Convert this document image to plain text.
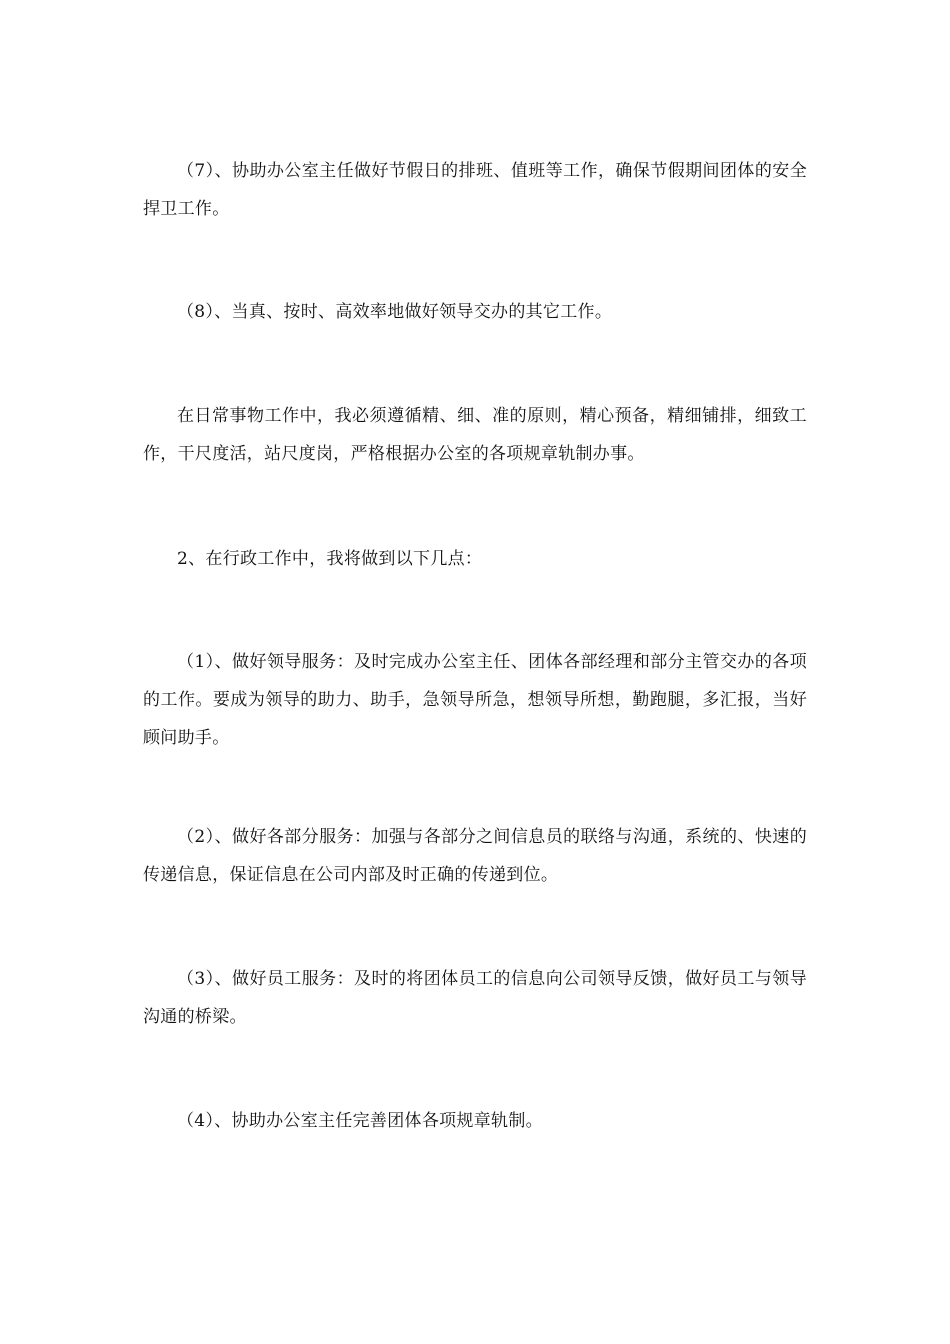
（7）、协助办公室主任做好节假日的排班、值班等工作，确保节假期间团体的安全捍卫工作。

（8）、当真、按时、高效率地做好领导交办的其它工作。

在日常事物工作中，我必须遵循精、细、准的原则，精心预备，精细铺排，细致工作，干尺度活，站尺度岗，严格根据办公室的各项规章轨制办事。

2、在行政工作中，我将做到以下几点：

（1）、做好领导服务：及时完成办公室主任、团体各部经理和部分主管交办的各项的工作。要成为领导的助力、助手，急领导所急，想领导所想，勤跑腿，多汇报，当好顾问助手。

（2）、做好各部分服务：加强与各部分之间信息员的联络与沟通，系统的、快速的传递信息，保证信息在公司内部及时正确的传递到位。

（3）、做好员工服务：及时的将团体员工的信息向公司领导反馈，做好员工与领导沟通的桥梁。

（4）、协助办公室主任完善团体各项规章轨制。
